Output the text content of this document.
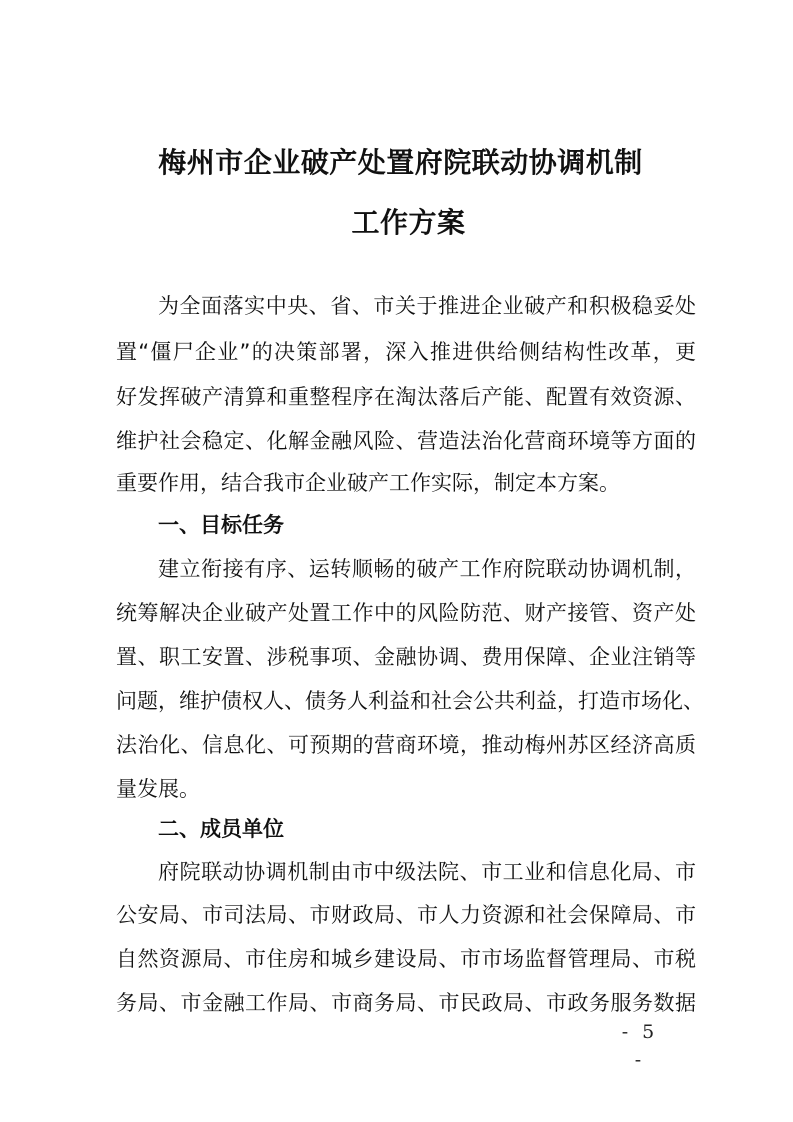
梅州市企业破产处置府院联动协调机制
工作方案
为全面落实中央、省、市关于推进企业破产和积极稳妥处
置“僵尸企业”的决策部署，深入推进供给侧结构性改革，更
好发挥破产清算和重整程序在淘汰落后产能、配置有效资源、
维护社会稳定、化解金融风险、营造法治化营商环境等方面的
重要作用，结合我市企业破产工作实际，制定本方案。
一、目标任务
建立衔接有序、运转顺畅的破产工作府院联动协调机制，
统筹解决企业破产处置工作中的风险防范、财产接管、资产处
置、职工安置、涉税事项、金融协调、费用保障、企业注销等
问题，维护债权人、债务人利益和社会公共利益，打造市场化、
法治化、信息化、可预期的营商环境，推动梅州苏区经济高质
量发展。
二、成员单位
府院联动协调机制由市中级法院、市工业和信息化局、市
公安局、市司法局、市财政局、市人力资源和社会保障局、市
自然资源局、市住房和城乡建设局、市市场监督管理局、市税
务局、市金融工作局、市商务局、市民政局、市政务服务数据
- 5 -
